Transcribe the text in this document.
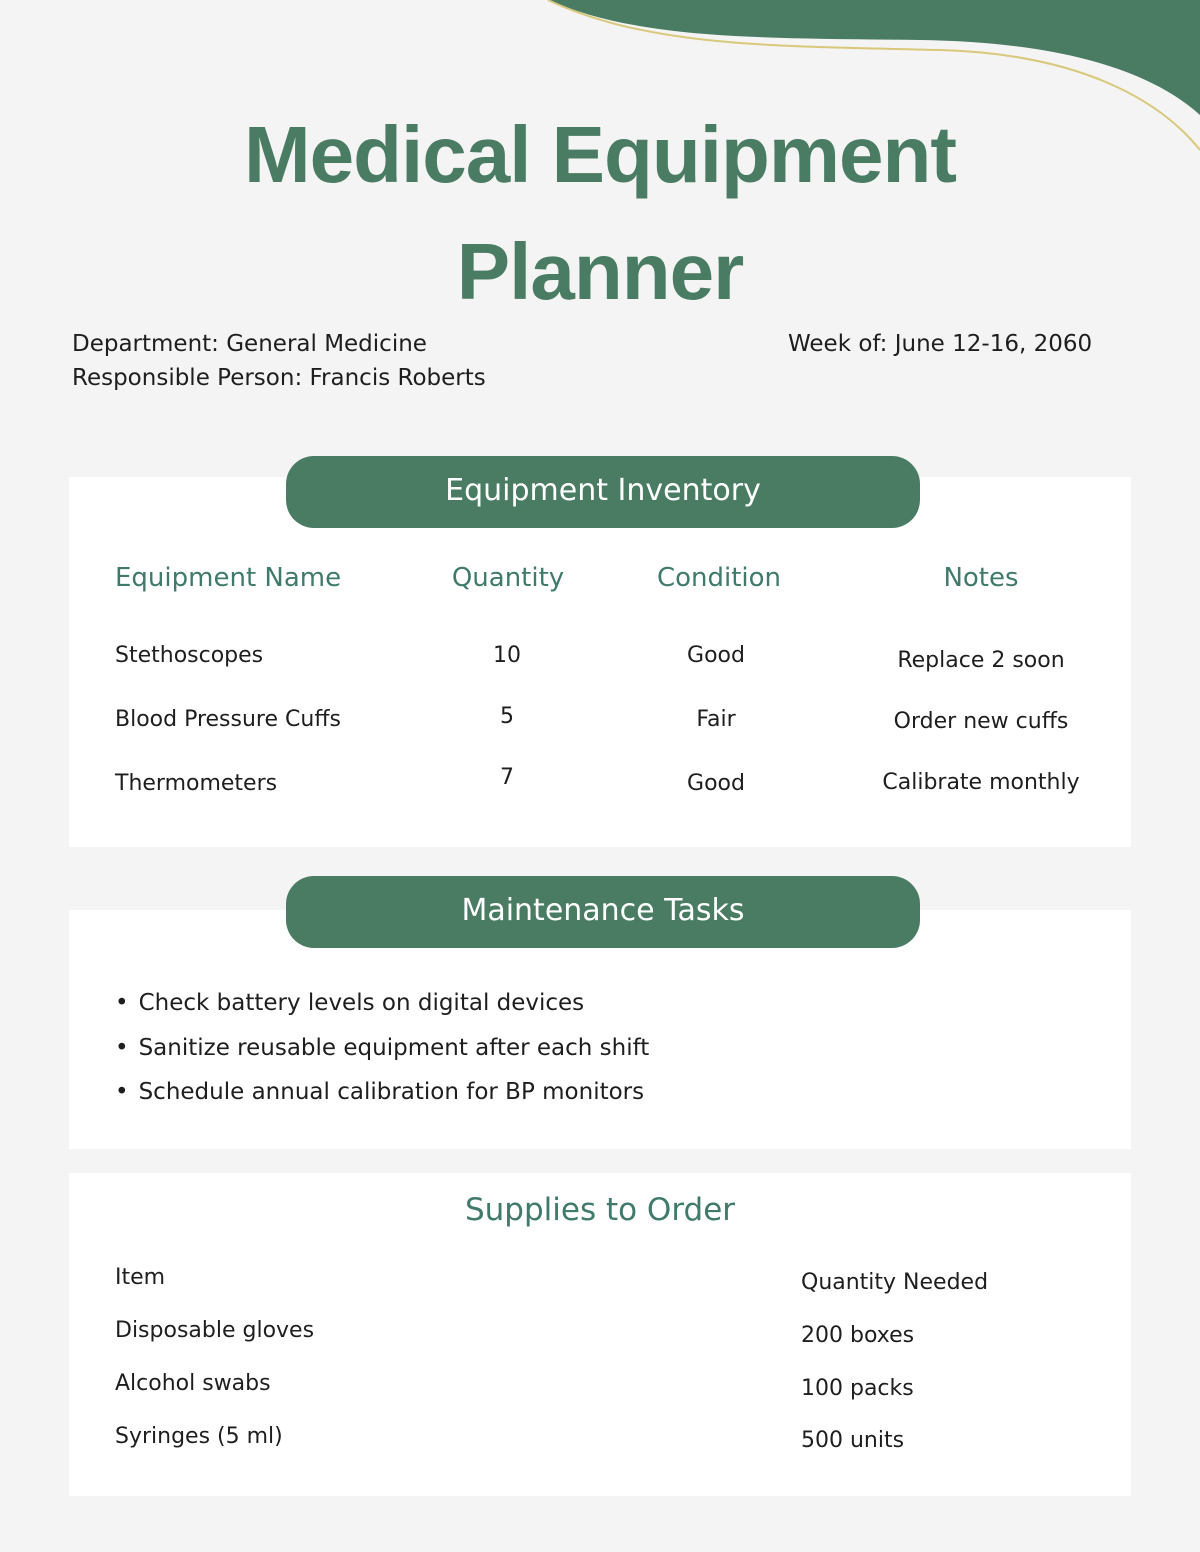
Medical Equipment
Planner
Department: General Medicine
Responsible Person: Francis Roberts
Week of: June 12-16, 2060
Equipment Inventory
Equipment Name	Quantity	Condition	Notes
Stethoscopes	10	Good	Replace 2 soon
Blood Pressure Cuffs	5	Fair	Order new cuffs
Thermometers	7	Good	Calibrate monthly
Maintenance Tasks
• Check battery levels on digital devices
• Sanitize reusable equipment after each shift
• Schedule annual calibration for BP monitors
Supplies to Order
Item	Quantity Needed
Disposable gloves	200 boxes
Alcohol swabs	100 packs
Syringes (5 ml)	500 units
